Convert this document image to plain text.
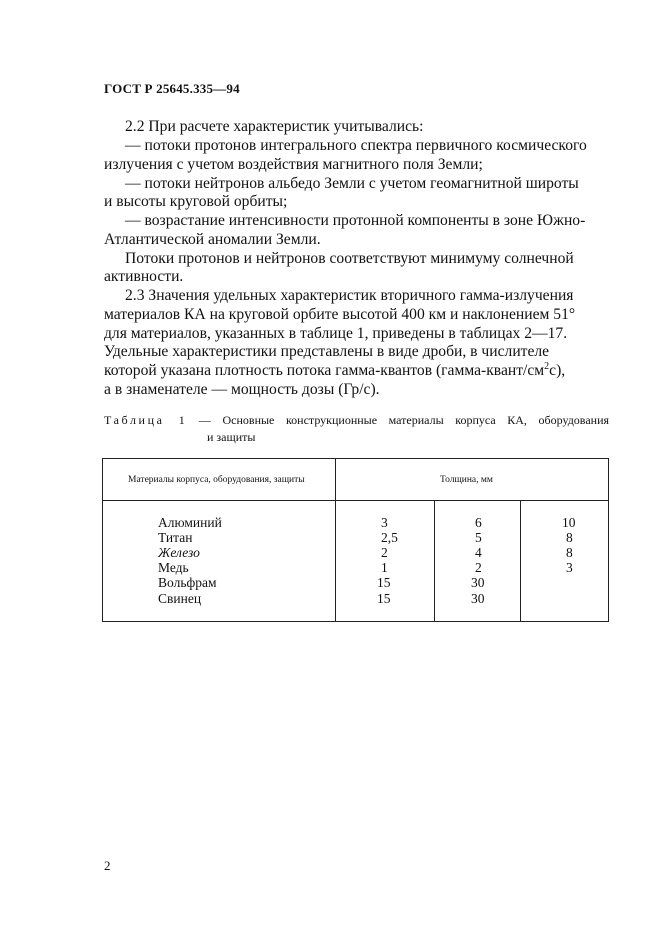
ГОСТ Р 25645.335—94
2.2 При расчете характеристик учитывались:
— потоки протонов интегрального спектра первичного космического
излучения с учетом воздействия магнитного поля Земли;
— потоки нейтронов альбедо Земли с учетом геомагнитной широты
и высоты круговой орбиты;
— возрастание интенсивности протонной компоненты в зоне Южно-
Атлантической аномалии Земли.
Потоки протонов и нейтронов соответствуют минимуму солнечной
активности.
2.3 Значения удельных характеристик вторичного гамма-излучения
материалов КА на круговой орбите высотой 400 км и наклонением 51°
для материалов, указанных в таблице 1, приведены в таблицах 2—17.
Удельные характеристики представлены в виде дроби, в числителе
которой указана плотность потока гамма-квантов $(гамма-квант/см^2с)$,
а в знаменателе — мощность дозы (Гр/с).
Таблица 1 — Основные конструкционные материалы корпуса КА, оборудования
и защиты
Материалы корпуса, оборудования, защиты	Толщина, мм
Алюминий
Титан
Железо
Медь
Вольфрам
Свинец
3
2,5
2
1
15
15
6
5
4
2
30
30
10
8
8
3
2
